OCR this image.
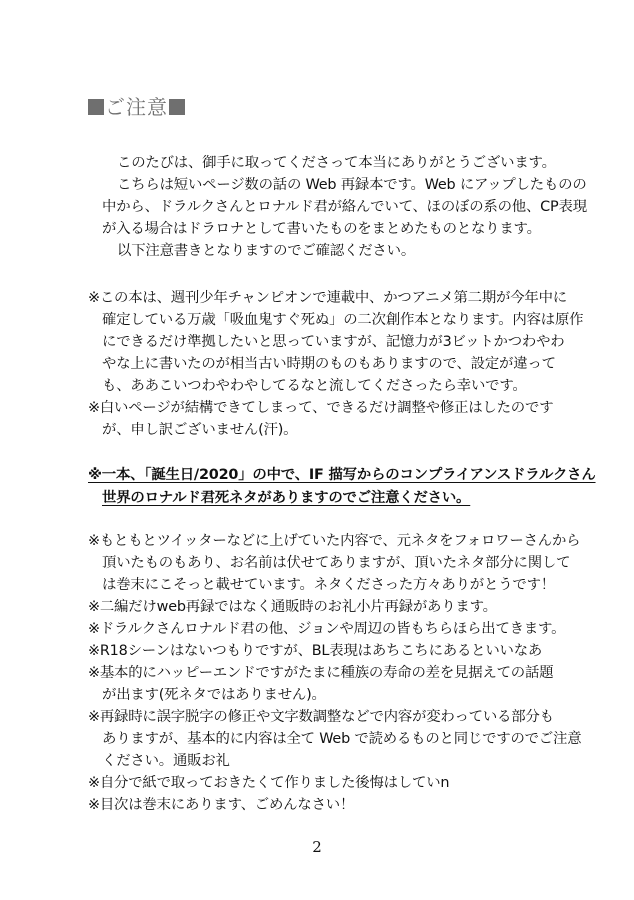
ご注意
このたびは、御手に取ってくださって本当にありがとうございます。
こちらは短いページ数の話の Web 再録本です。Web にアップしたものの
中から、ドラルクさんとロナルド君が絡んでいて、ほのぼの系の他、CP表現
が入る場合はドラロナとして書いたものをまとめたものとなります。
以下注意書きとなりますのでご確認ください。
※この本は、週刊少年チャンピオンで連載中、かつアニメ第二期が今年中に
確定している万歳「吸血鬼すぐ死ぬ」の二次創作本となります。内容は原作
にできるだけ準拠したいと思っていますが、記憶力が3ビットかつわやわ
やな上に書いたのが相当古い時期のものもありますので、設定が違って
も、ああこいつわやわやしてるなと流してくださったら幸いです。
※白いページが結構できてしまって、できるだけ調整や修正はしたのです
が、申し訳ございません(汗)。
※一本、「誕生日/2020」の中で、IF 描写からのコンプライアンスドラルクさん
世界のロナルド君死ネタがありますのでご注意ください。
※もともとツイッターなどに上げていた内容で、元ネタをフォロワーさんから
頂いたものもあり、お名前は伏せてありますが、頂いたネタ部分に関して
は巻末にこそっと載せています。ネタくださった方々ありがとうです！
※二編だけweb再録ではなく通販時のお礼小片再録があります。
※ドラルクさんロナルド君の他、ジョンや周辺の皆もちらほら出てきます。
※R18シーンはないつもりですが、BL表現はあちこちにあるといいなあ
※基本的にハッピーエンドですがたまに種族の寿命の差を見据えての話題
が出ます(死ネタではありません)。
※再録時に誤字脱字の修正や文字数調整などで内容が変わっている部分も
ありますが、基本的に内容は全て Web で読めるものと同じですのでご注意
ください。通販お礼
※自分で紙で取っておきたくて作りました後悔はしていn
※目次は巻末にあります、ごめんなさい！
2
